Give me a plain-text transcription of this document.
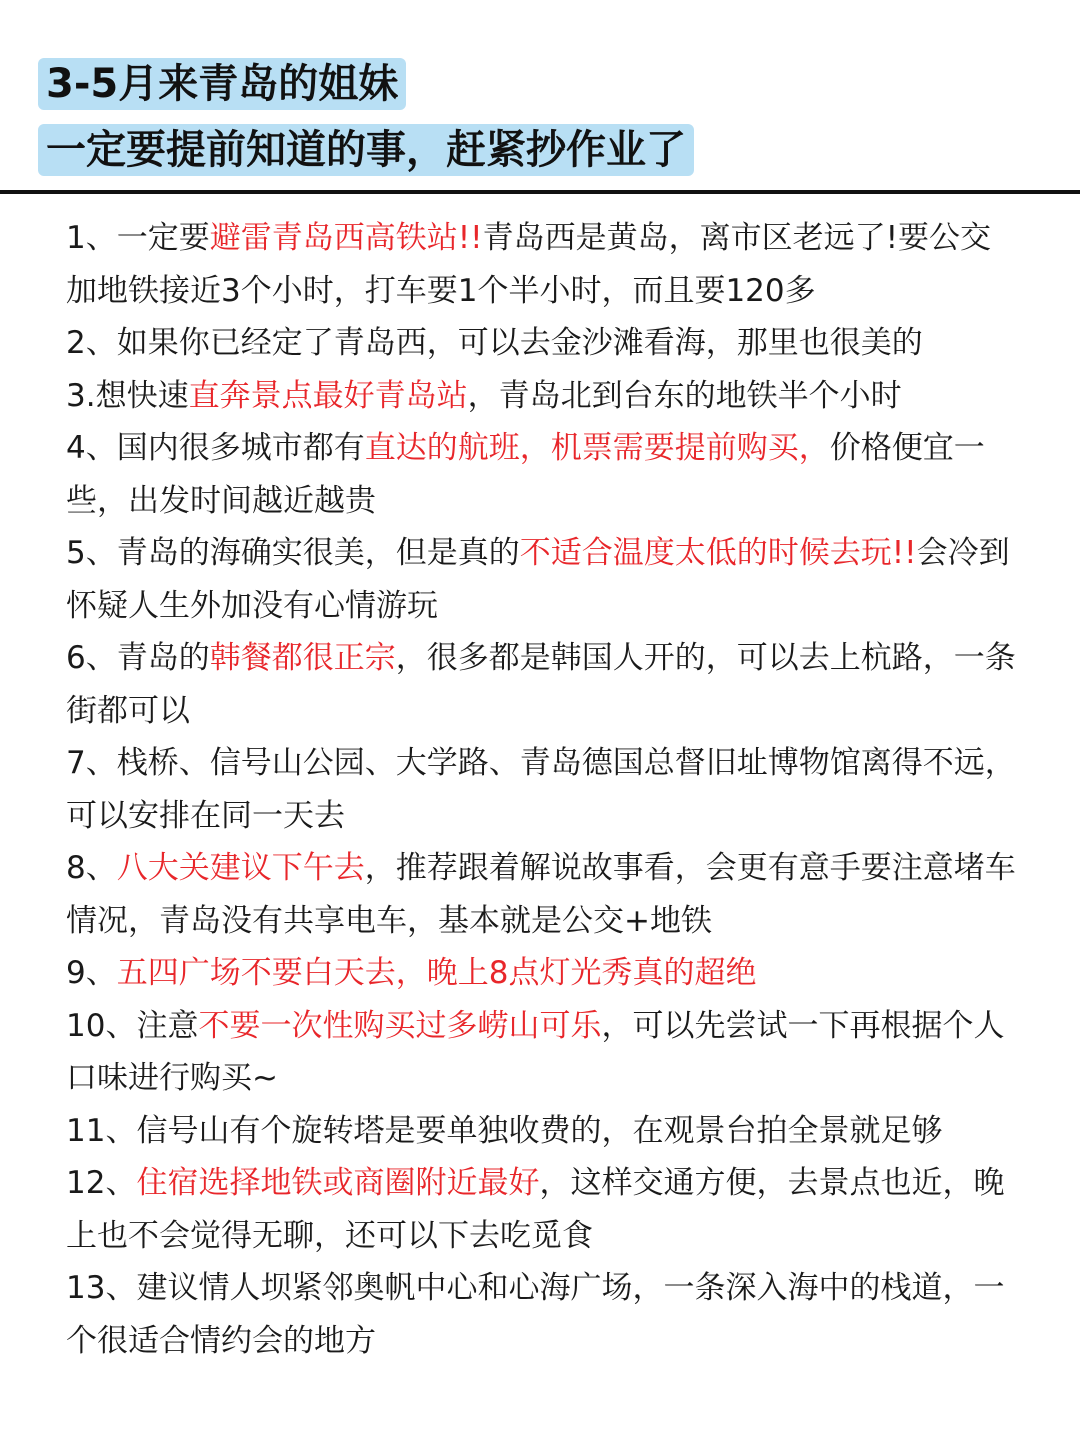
3-5月来青岛的姐妹
一定要提前知道的事，赶紧抄作业了

1、一定要避雷青岛西高铁站!!青岛西是黄岛，离市区老远了!要公交加地铁接近3个小时，打车要1个半小时，而且要120多

2、如果你已经定了青岛西，可以去金沙滩看海，那里也很美的

3.想快速直奔景点最好青岛站，青岛北到台东的地铁半个小时

4、国内很多城市都有直达的航班，机票需要提前购买，价格便宜一些，出发时间越近越贵

5、青岛的海确实很美，但是真的不适合温度太低的时候去玩!!会冷到怀疑人生外加没有心情游玩

6、青岛的韩餐都很正宗，很多都是韩国人开的，可以去上杭路，一条街都可以

7、栈桥、信号山公园、大学路、青岛德国总督旧址博物馆离得不远，可以安排在同一天去

8、八大关建议下午去，推荐跟着解说故事看，会更有意手要注意堵车情况，青岛没有共享电车，基本就是公交+地铁

9、五四广场不要白天去，晚上8点灯光秀真的超绝

10、注意不要一次性购买过多崂山可乐，可以先尝试一下再根据个人口味进行购买~

11、信号山有个旋转塔是要单独收费的，在观景台拍全景就足够

12、住宿选择地铁或商圈附近最好，这样交通方便，去景点也近，晚上也不会觉得无聊，还可以下去吃觅食

13、建议情人坝紧邻奥帆中心和心海广场，一条深入海中的栈道，一个很适合情约会的地方
